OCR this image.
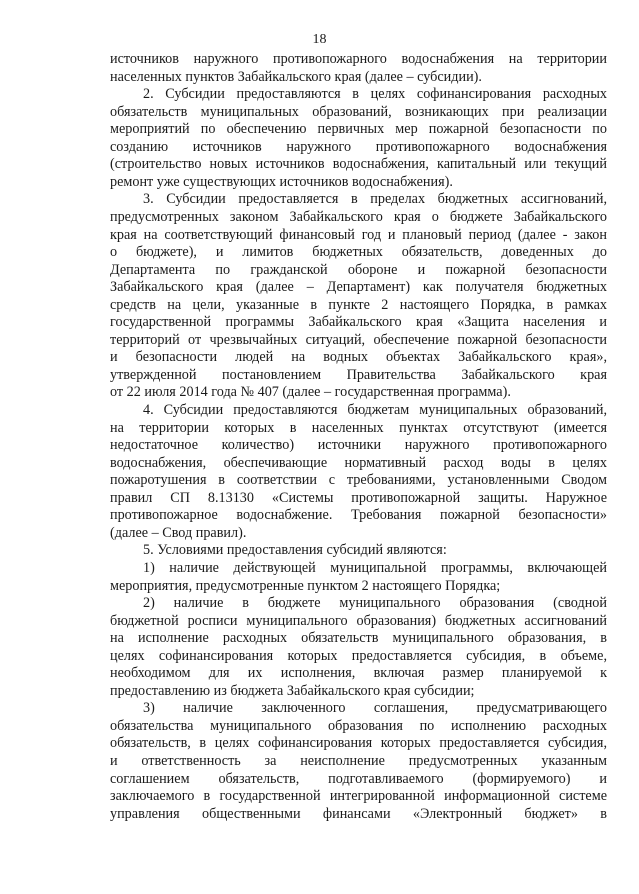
18
источников наружного противопожарного водоснабжения на территории
населенных пунктов Забайкальского края (далее – субсидии).
2. Субсидии предоставляются в целях софинансирования расходных
обязательств муниципальных образований, возникающих при реализации
мероприятий по обеспечению первичных мер пожарной безопасности по
созданию источников наружного противопожарного водоснабжения
(строительство новых источников водоснабжения, капитальный или текущий
ремонт уже существующих источников водоснабжения).
3. Субсидии предоставляется в пределах бюджетных ассигнований,
предусмотренных законом Забайкальского края о бюджете Забайкальского
края на соответствующий финансовый год и плановый период (далее - закон
о бюджете), и лимитов бюджетных обязательств, доведенных до
Департамента по гражданской обороне и пожарной безопасности
Забайкальского края (далее – Департамент) как получателя бюджетных
средств на цели, указанные в пункте 2 настоящего Порядка, в рамках
государственной программы Забайкальского края «Защита населения и
территорий от чрезвычайных ситуаций, обеспечение пожарной безопасности
и безопасности людей на водных объектах Забайкальского края»,
утвержденной постановлением Правительства Забайкальского края
от 22 июля 2014 года № 407 (далее – государственная программа).
4. Субсидии предоставляются бюджетам муниципальных образований,
на территории которых в населенных пунктах отсутствуют (имеется
недостаточное количество) источники наружного противопожарного
водоснабжения, обеспечивающие нормативный расход воды в целях
пожаротушения в соответствии с требованиями, установленными Сводом
правил СП 8.13130 «Системы противопожарной защиты. Наружное
противопожарное водоснабжение. Требования пожарной безопасности»
(далее – Свод правил).
5. Условиями предоставления субсидий являются:
1) наличие действующей муниципальной программы, включающей
мероприятия, предусмотренные пунктом 2 настоящего Порядка;
2) наличие в бюджете муниципального образования (сводной
бюджетной росписи муниципального образования) бюджетных ассигнований
на исполнение расходных обязательств муниципального образования, в
целях софинансирования которых предоставляется субсидия, в объеме,
необходимом для их исполнения, включая размер планируемой к
предоставлению из бюджета Забайкальского края субсидии;
3) наличие заключенного соглашения, предусматривающего
обязательства муниципального образования по исполнению расходных
обязательств, в целях софинансирования которых предоставляется субсидия,
и ответственность за неисполнение предусмотренных указанным
соглашением обязательств, подготавливаемого (формируемого) и
заключаемого в государственной интегрированной информационной системе
управления общественными финансами «Электронный бюджет» в
